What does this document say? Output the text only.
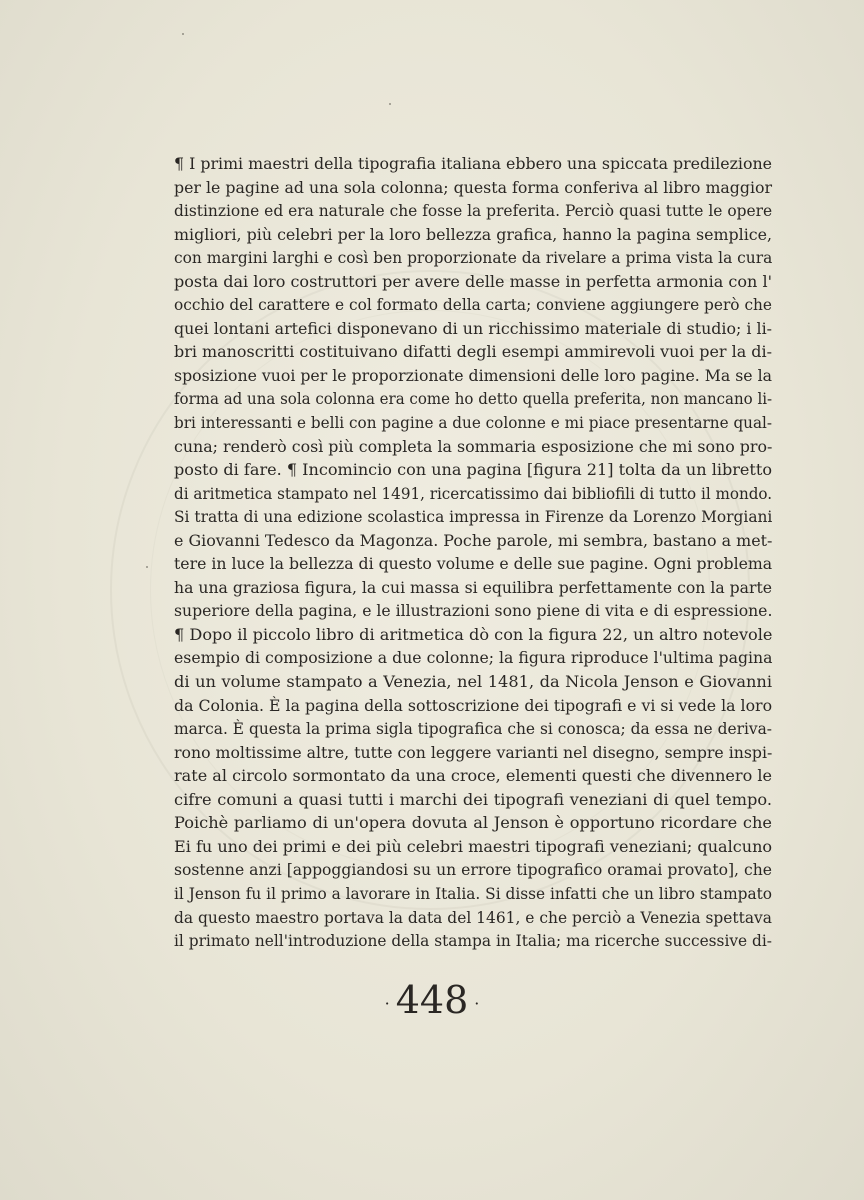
¶ I primi maestri della tipografia italiana ebbero una spiccata predilezione
per le pagine ad una sola colonna; questa forma conferiva al libro maggior
distinzione ed era naturale che fosse la preferita. Perciò quasi tutte le opere
migliori, più celebri per la loro bellezza grafica, hanno la pagina semplice,
con margini larghi e così ben proporzionate da rivelare a prima vista la cura
posta dai loro costruttori per avere delle masse in perfetta armonia con l'
occhio del carattere e col formato della carta; conviene aggiungere però che
quei lontani artefici disponevano di un ricchissimo materiale di studio; i li-
bri manoscritti costituivano difatti degli esempi ammirevoli vuoi per la di-
sposizione vuoi per le proporzionate dimensioni delle loro pagine. Ma se la
forma ad una sola colonna era come ho detto quella preferita, non mancano li-
bri interessanti e belli con pagine a due colonne e mi piace presentarne qual-
cuna; renderò così più completa la sommaria esposizione che mi sono pro-
posto di fare. ¶ Incomincio con una pagina [figura 21] tolta da un libretto
di aritmetica stampato nel 1491, ricercatissimo dai bibliofili di tutto il mondo.
Si tratta di una edizione scolastica impressa in Firenze da Lorenzo Morgiani
e Giovanni Tedesco da Magonza. Poche parole, mi sembra, bastano a met-
tere in luce la bellezza di questo volume e delle sue pagine. Ogni problema
ha una graziosa figura, la cui massa si equilibra perfettamente con la parte
superiore della pagina, e le illustrazioni sono piene di vita e di espressione.
¶ Dopo il piccolo libro di aritmetica dò con la figura 22, un altro notevole
esempio di composizione a due colonne; la figura riproduce l'ultima pagina
di un volume stampato a Venezia, nel 1481, da Nicola Jenson e Giovanni
da Colonia. È la pagina della sottoscrizione dei tipografi e vi si vede la loro
marca. È questa la prima sigla tipografica che si conosca; da essa ne deriva-
rono moltissime altre, tutte con leggere varianti nel disegno, sempre inspi-
rate al circolo sormontato da una croce, elementi questi che divennero le
cifre comuni a quasi tutti i marchi dei tipografi veneziani di quel tempo.
Poichè parliamo di un'opera dovuta al Jenson è opportuno ricordare che
Ei fu uno dei primi e dei più celebri maestri tipografi veneziani; qualcuno
sostenne anzi [appoggiandosi su un errore tipografico oramai provato], che
il Jenson fu il primo a lavorare in Italia. Si disse infatti che un libro stampato
da questo maestro portava la data del 1461, e che perciò a Venezia spettava
il primato nell'introduzione della stampa in Italia; ma ricerche successive di-
· 448 ·
